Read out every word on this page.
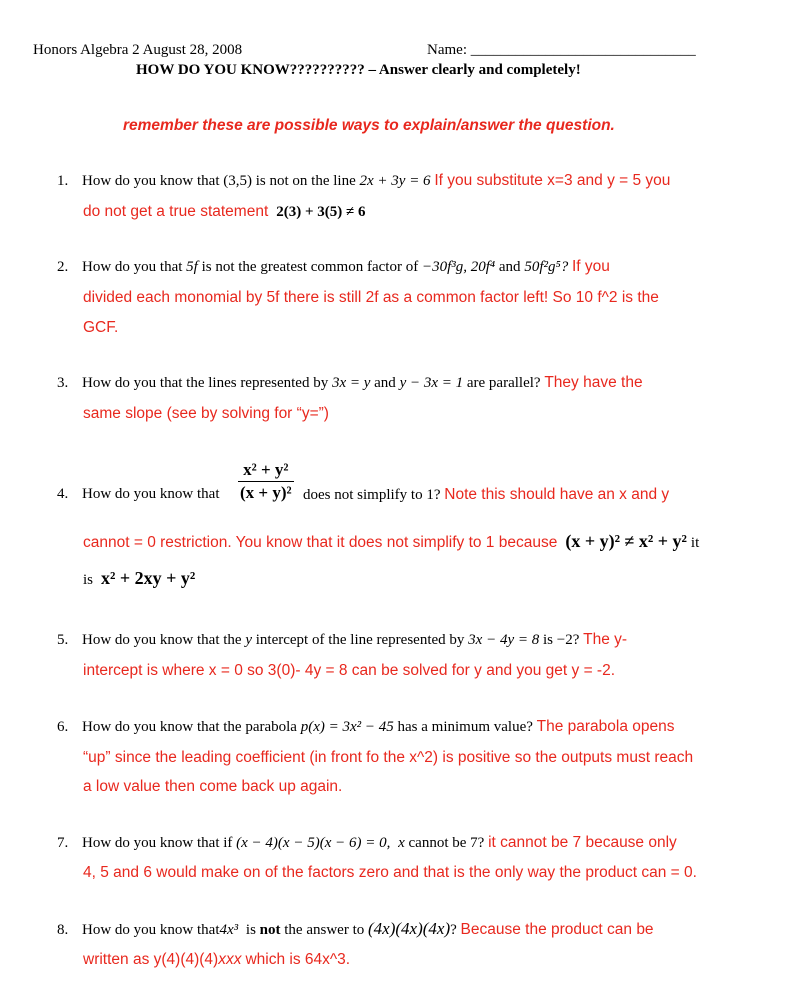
Honors Algebra 2 August 28, 2008	Name: ______________________________
HOW DO YOU KNOW?????????? – Answer clearly and completely!
remember these are possible ways to explain/answer the question.
1. How do you know that (3,5) is not on the line 2x + 3y = 6 If you substitute x=3 and y = 5 you
do not get a true statement 2(3) + 3(5) ≠ 6
2. How do you that 5f is not the greatest common factor of −30f³g, 20f⁴ and 50f²g⁵? If you
divided each monomial by 5f there is still 2f as a common factor left! So 10 f^2 is the
GCF.
3. How do you that the lines represented by 3x = y and y − 3x = 1 are parallel? They have the
same slope (see by solving for “y=”)
x² + y²
(x + y)²
4. How do you know that	does not simplify to 1? Note this should have an x and y
cannot = 0 restriction. You know that it does not simplify to 1 because (x + y)² ≠ x² + y² it
is x² + 2xy + y²
5. How do you know that the y intercept of the line represented by 3x − 4y = 8 is −2? The y-
intercept is where x = 0 so 3(0)- 4y = 8 can be solved for y and you get y = -2.
6. How do you know that the parabola p(x) = 3x² − 45 has a minimum value? The parabola opens
“up” since the leading coefficient (in front fo the x^2) is positive so the outputs must reach
a low value then come back up again.
7. How do you know that if (x − 4)(x − 5)(x − 6) = 0, x cannot be 7? it cannot be 7 because only
4, 5 and 6 would make on of the factors zero and that is the only way the product can = 0.
8. How do you know that4x³ is not the answer to (4x)(4x)(4x)? Because the product can be
written as y(4)(4)(4)xxx which is 64x^3.
